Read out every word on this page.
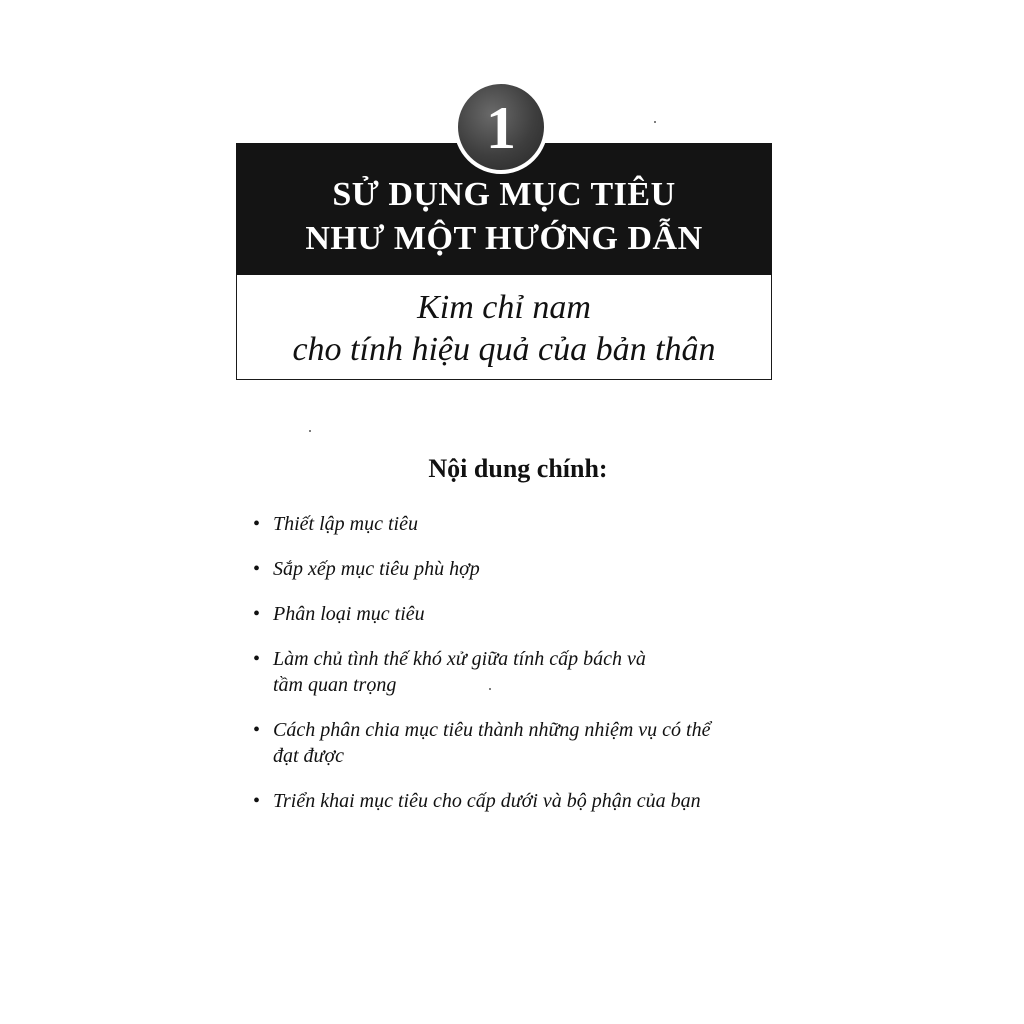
1
SỬ DỤNG MỤC TIÊU
NHƯ MỘT HƯỚNG DẪN
Kim chỉ nam
cho tính hiệu quả của bản thân
Nội dung chính:
• Thiết lập mục tiêu
• Sắp xếp mục tiêu phù hợp
• Phân loại mục tiêu
• Làm chủ tình thế khó xử giữa tính cấp bách và
tầm quan trọng
• Cách phân chia mục tiêu thành những nhiệm vụ có thể
đạt được
• Triển khai mục tiêu cho cấp dưới và bộ phận của bạn
